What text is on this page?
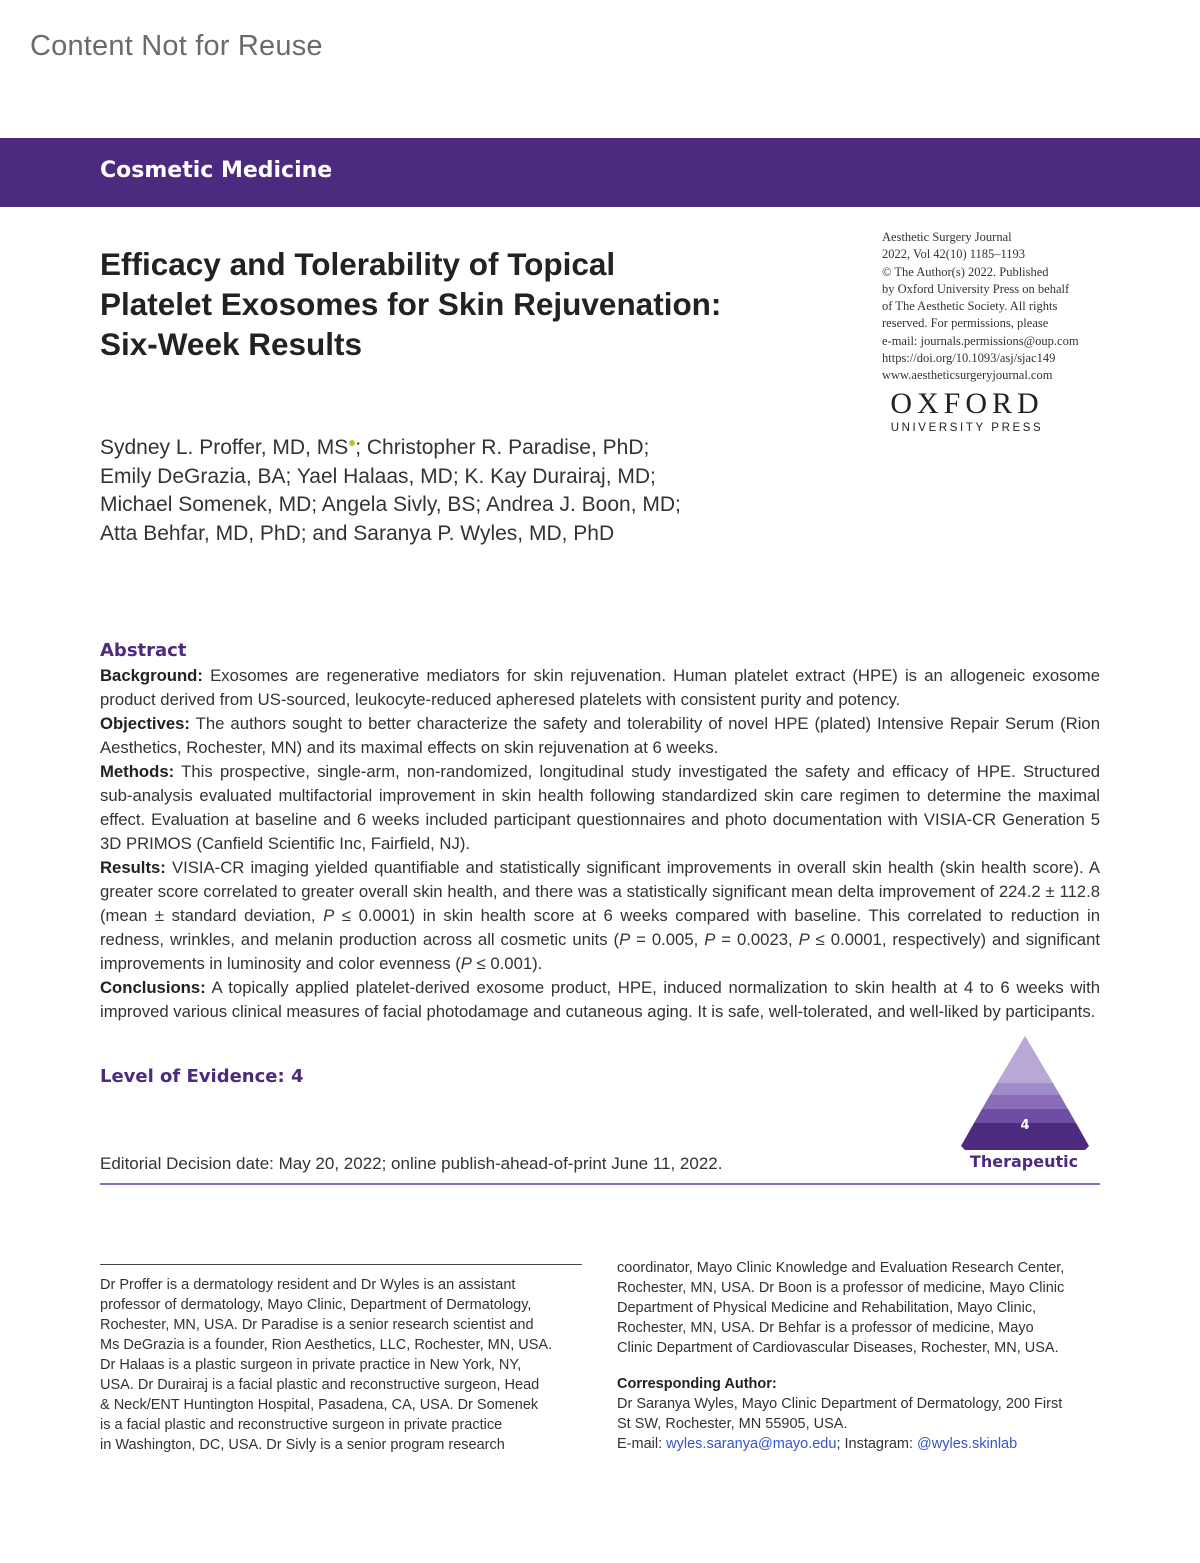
Content Not for Reuse
Cosmetic Medicine
Efficacy and Tolerability of Topical
Platelet Exosomes for Skin Rejuvenation:
Six-Week Results
Aesthetic Surgery Journal
2022, Vol 42(10) 1185–1193
© The Author(s) 2022. Published
by Oxford University Press on behalf
of The Aesthetic Society. All rights
reserved. For permissions, please
e-mail: journals.permissions@oup.com
https://doi.org/10.1093/asj/sjac149
www.aestheticsurgeryjournal.com
OXFORD
UNIVERSITY PRESS
Sydney L. Proffer, MD, MS ; Christopher R. Paradise, PhD;
Emily DeGrazia, BA; Yael Halaas, MD; K. Kay Durairaj, MD;
Michael Somenek, MD; Angela Sivly, BS; Andrea J. Boon, MD;
Atta Behfar, MD, PhD; and Saranya P. Wyles, MD, PhD
Abstract

Background: Exosomes are regenerative mediators for skin rejuvenation. Human platelet extract (HPE) is an allogeneic exosome product derived from US-sourced, leukocyte-reduced apheresed platelets with consistent purity and potency.

Objectives: The authors sought to better characterize the safety and tolerability of novel HPE (plated) Intensive Repair Serum (Rion Aesthetics, Rochester, MN) and its maximal effects on skin rejuvenation at 6 weeks.

Methods: This prospective, single-arm, non-randomized, longitudinal study investigated the safety and efficacy of HPE. Structured sub-analysis evaluated multifactorial improvement in skin health following standardized skin care regimen to determine the maximal effect. Evaluation at baseline and 6 weeks included participant questionnaires and photo documentation with VISIA-CR Generation 5 3D PRIMOS (Canfield Scientific Inc, Fairfield, NJ).

Results: VISIA-CR imaging yielded quantifiable and statistically significant improvements in overall skin health (skin health score). A greater score correlated to greater overall skin health, and there was a statistically significant mean delta improvement of 224.2 ± 112.8 (mean ± standard deviation, P ≤ 0.0001) in skin health score at 6 weeks compared with baseline. This correlated to reduction in redness, wrinkles, and melanin production across all cosmetic units (P = 0.005, P = 0.0023, P ≤ 0.0001, respectively) and significant improvements in luminosity and color evenness (P ≤ 0.001).

Conclusions: A topically applied platelet-derived exosome product, HPE, induced normalization to skin health at 4 to 6 weeks with improved various clinical measures of facial photodamage and cutaneous aging. It is safe, well-tolerated, and well-liked by participants.

Level of Evidence: 4
4
Therapeutic
Editorial Decision date: May 20, 2022; online publish-ahead-of-print June 11, 2022.
Dr Proffer is a dermatology resident and Dr Wyles is an assistant
professor of dermatology, Mayo Clinic, Department of Dermatology,
Rochester, MN, USA. Dr Paradise is a senior research scientist and
Ms DeGrazia is a founder, Rion Aesthetics, LLC, Rochester, MN, USA.
Dr Halaas is a plastic surgeon in private practice in New York, NY,
USA. Dr Durairaj is a facial plastic and reconstructive surgeon, Head
& Neck/ENT Huntington Hospital, Pasadena, CA, USA. Dr Somenek
is a facial plastic and reconstructive surgeon in private practice
in Washington, DC, USA. Dr Sivly is a senior program research
coordinator, Mayo Clinic Knowledge and Evaluation Research Center,
Rochester, MN, USA. Dr Boon is a professor of medicine, Mayo Clinic
Department of Physical Medicine and Rehabilitation, Mayo Clinic,
Rochester, MN, USA. Dr Behfar is a professor of medicine, Mayo
Clinic Department of Cardiovascular Diseases, Rochester, MN, USA.
Corresponding Author:
Dr Saranya Wyles, Mayo Clinic Department of Dermatology, 200 First
St SW, Rochester, MN 55905, USA.
E-mail: wyles.saranya@mayo.edu; Instagram: @wyles.skinlab
